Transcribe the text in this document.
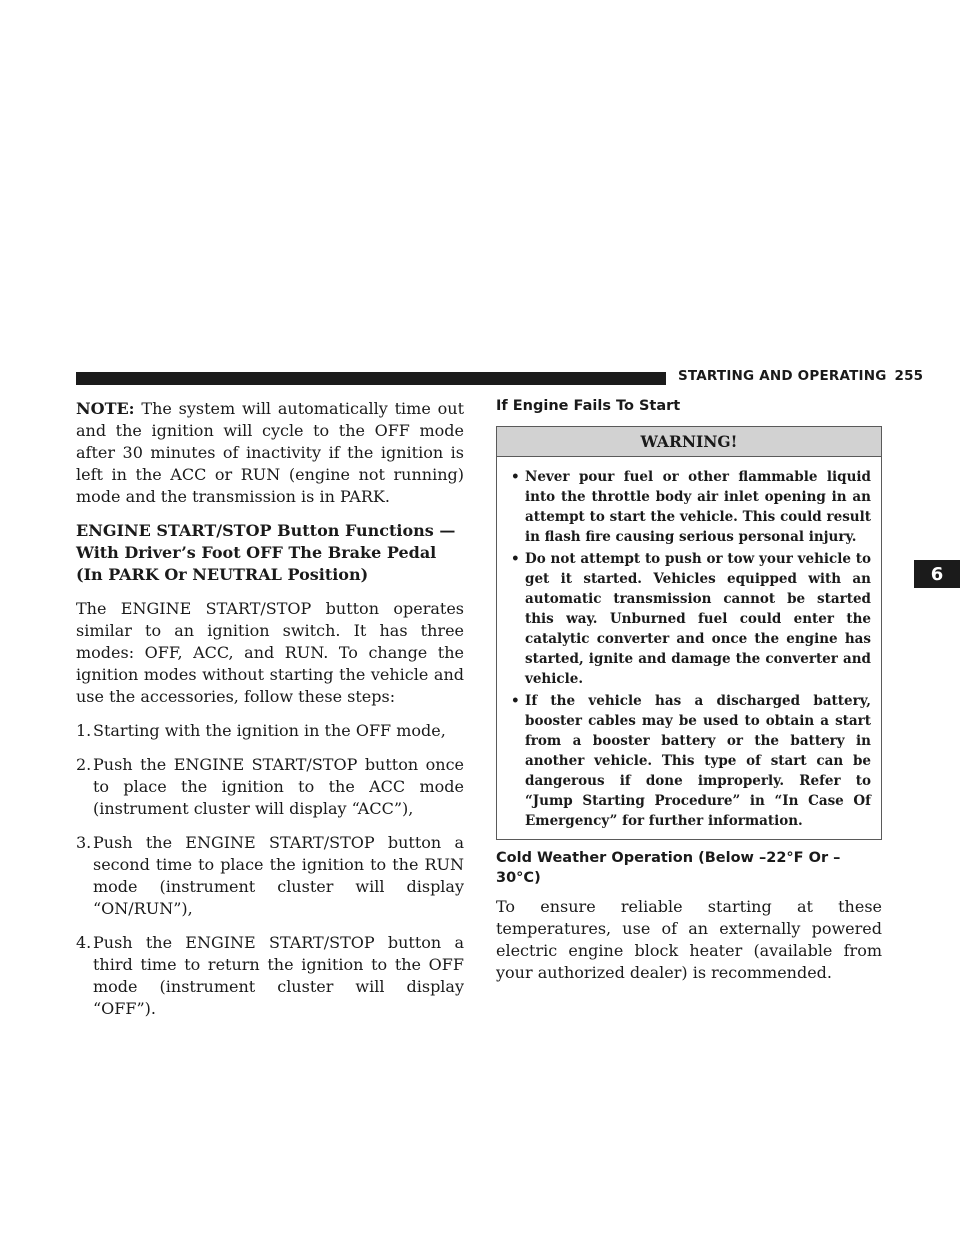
STARTING AND OPERATING 255
6

NOTE: The system will automatically time out and the ignition will cycle to the OFF mode after 30 minutes of inactivity if the ignition is left in the ACC or RUN (engine not running) mode and the transmission is in PARK.

ENGINE START/STOP Button Functions — With Driver’s Foot OFF The Brake Pedal (In PARK Or NEUTRAL Position)

The ENGINE START/STOP button operates similar to an ignition switch. It has three modes: OFF, ACC, and RUN. To change the ignition modes without starting the vehicle and use the accessories, follow these steps:

1. Starting with the ignition in the OFF mode,
2. Push the ENGINE START/STOP button once to place the ignition to the ACC mode (instrument cluster will display “ACC”),
3. Push the ENGINE START/STOP button a second time to place the ignition to the RUN mode (instrument cluster will display “ON/RUN”),
4. Push the ENGINE START/STOP button a third time to return the ignition to the OFF mode (instrument cluster will display “OFF”).
If Engine Fails To Start
WARNING!
• Never pour fuel or other flammable liquid into the throttle body air inlet opening in an attempt to start the vehicle. This could result in flash fire causing serious personal injury.
• Do not attempt to push or tow your vehicle to get it started. Vehicles equipped with an automatic transmission cannot be started this way. Unburned fuel could enter the catalytic converter and once the engine has started, ignite and damage the converter and vehicle.
• If the vehicle has a discharged battery, booster cables may be used to obtain a start from a booster battery or the battery in another vehicle. This type of start can be dangerous if done improperly. Refer to “Jump Starting Procedure” in “In Case Of Emergency” for further information.
Cold Weather Operation (Below –22°F Or –30°C)

To ensure reliable starting at these temperatures, use of an externally powered electric engine block heater (available from your authorized dealer) is recommended.
